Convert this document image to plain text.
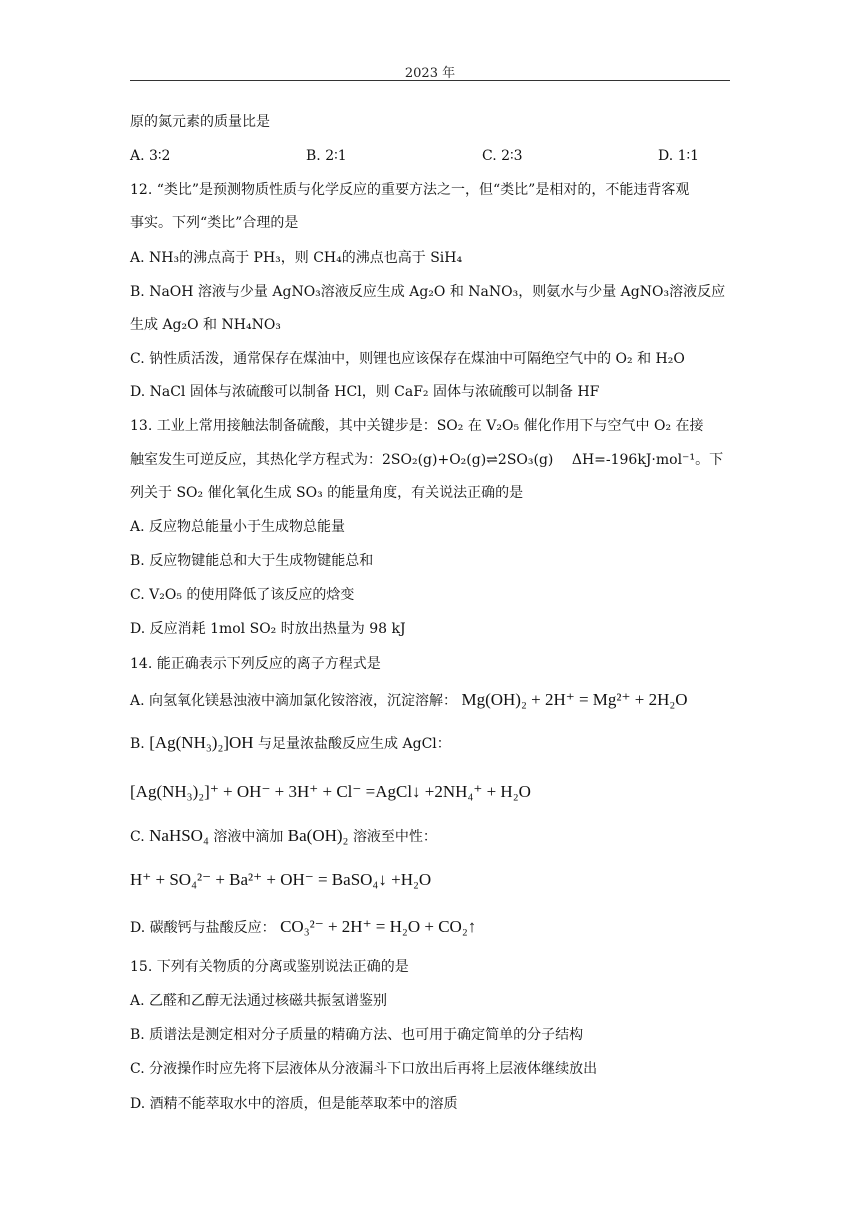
2023 年
原的氮元素的质量比是
A. 3∶2	B. 2∶1	C. 2∶3	D. 1∶1
12. “类比”是预测物质性质与化学反应的重要方法之一，但“类比”是相对的，不能违背客观
事实。下列“类比”合理的是
A. NH₃的沸点高于 PH₃，则 CH₄的沸点也高于 SiH₄
B. NaOH 溶液与少量 AgNO₃溶液反应生成 Ag₂O 和 NaNO₃，则氨水与少量 AgNO₃溶液反应
生成 Ag₂O 和 NH₄NO₃
C. 钠性质活泼，通常保存在煤油中，则锂也应该保存在煤油中可隔绝空气中的 O₂ 和 H₂O
D. NaCl 固体与浓硫酸可以制备 HCl，则 CaF₂ 固体与浓硫酸可以制备 HF
13. 工业上常用接触法制备硫酸，其中关键步是：SO₂ 在 V₂O₅ 催化作用下与空气中 O₂ 在接
触室发生可逆反应，其热化学方程式为：2SO₂(g)+O₂(g)⇌2SO₃(g)　 ΔH=-196kJ·mol⁻¹。下
列关于 SO₂ 催化氧化生成 SO₃ 的能量角度，有关说法正确的是
A. 反应物总能量小于生成物总能量
B. 反应物键能总和大于生成物键能总和
C. V₂O₅ 的使用降低了该反应的焓变
D. 反应消耗 1mol SO₂ 时放出热量为 98 kJ
14. 能正确表示下列反应的离子方程式是
A. 向氢氧化镁悬浊液中滴加氯化铵溶液，沉淀溶解： Mg(OH)₂ + 2H⁺ = Mg²⁺ + 2H₂O
B. [Ag(NH₃)₂]OH 与足量浓盐酸反应生成 AgCl：
[Ag(NH₃)₂]⁺ + OH⁻ + 3H⁺ + Cl⁻ =AgCl↓ +2NH₄⁺ + H₂O
C. NaHSO₄ 溶液中滴加 Ba(OH)₂ 溶液至中性：
H⁺ + SO₄²⁻ + Ba²⁺ + OH⁻ = BaSO₄↓ +H₂O
D. 碳酸钙与盐酸反应： CO₃²⁻ + 2H⁺ = H₂O + CO₂↑
15. 下列有关物质的分离或鉴别说法正确的是
A. 乙醛和乙醇无法通过核磁共振氢谱鉴别
B. 质谱法是测定相对分子质量的精确方法、也可用于确定简单的分子结构
C. 分液操作时应先将下层液体从分液漏斗下口放出后再将上层液体继续放出
D. 酒精不能萃取水中的溶质，但是能萃取苯中的溶质
